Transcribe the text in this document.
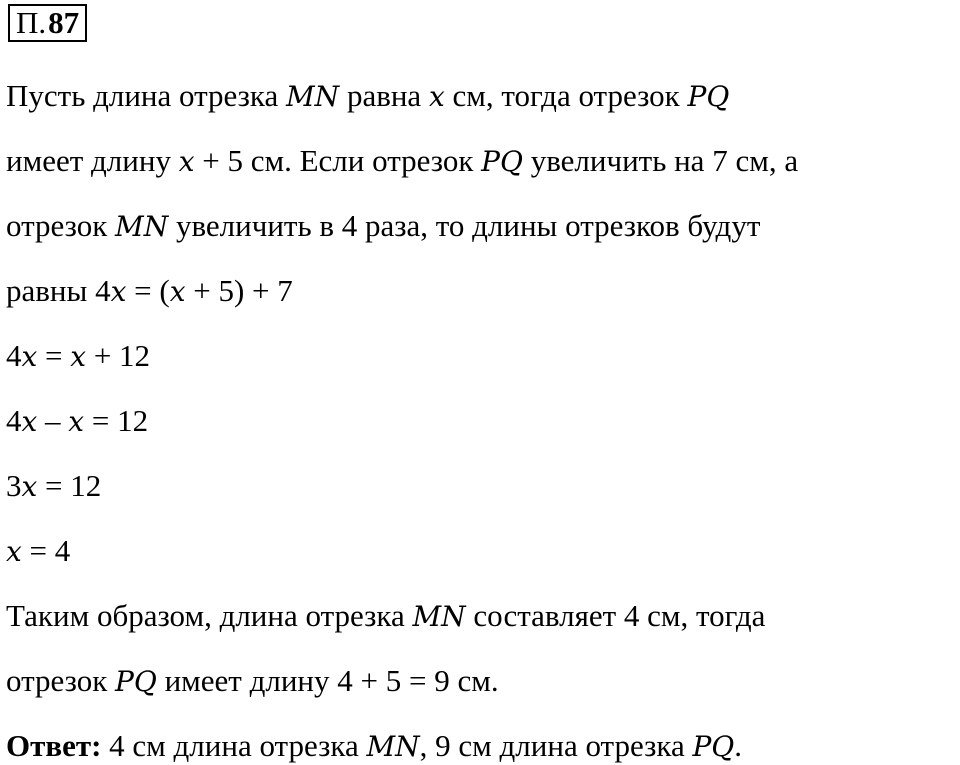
П. 87
Пусть длина отрезка MN равна x см, тогда отрезок PQ
имеет длину x + 5 см. Если отрезок PQ увеличить на 7 см, а
отрезок MN увеличить в 4 раза, то длины отрезков будут
равны 4x = (x + 5) + 7
4x = x + 12
4x – x = 12
3x = 12
x = 4
Таким образом, длина отрезка MN составляет 4 см, тогда
отрезок PQ имеет длину 4 + 5 = 9 см.
Ответ: 4 см длина отрезка MN, 9 см длина отрезка PQ.
